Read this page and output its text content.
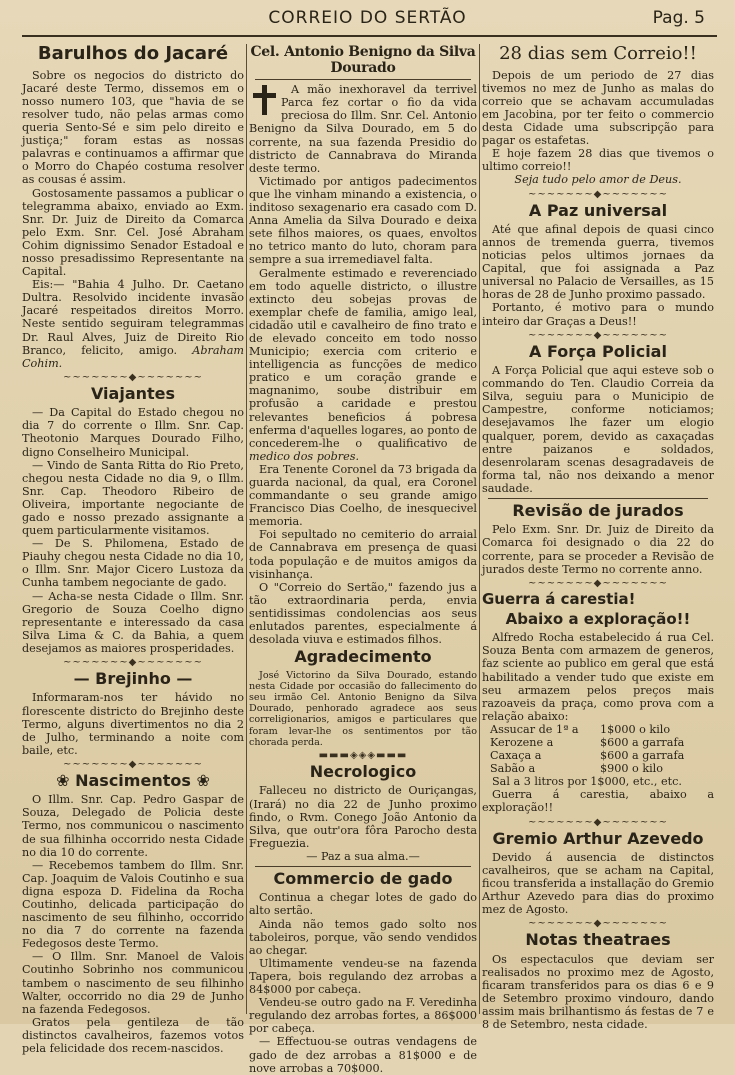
CORREIO DO SERTÃO	Pag. 5
Barulhos do Jacaré

Sobre os negocios do districto do Jacaré deste Termo, dissemos em o nosso numero 103, que "havia de se resolver tudo, não pelas armas como queria Sento-Sé e sim pelo direito e justiça;" foram estas as nossas palavras e continuamos a affirmar que o Morro do Chapéo costuma resolver as cousas é assim.

Gostosamente passamos a publicar o telegramma abaixo, enviado ao Exm. Snr. Dr. Juiz de Direito da Comarca pelo Exm. Snr. Cel. José Abraham Cohim dignissimo Senador Estadoal e nosso presadissimo Representante na Capital.

Eis:— "Bahia 4 Julho. Dr. Caetano Dultra. Resolvido incidente invasão Jacaré respeitados direitos Morro. Neste sentido seguiram telegrammas Dr. Raul Alves, Juiz de Direito Rio Branco, felicito, amigo. Abraham Cohim.

~~~~~~~◆~~~~~~~
Viajantes

— Da Capital do Estado chegou no dia 7 do corrente o Illm. Snr. Cap. Theotonio Marques Dourado Filho, digno Conselheiro Municipal.

— Vindo de Santa Ritta do Rio Preto, chegou nesta Cidade no dia 9, o Illm. Snr. Cap. Theodoro Ribeiro de Oliveira, importante negociante de gado e nosso prezado assignante a quem particularmente visitamos.

— De S. Philomena, Estado de Piauhy chegou nesta Cidade no dia 10, o Illm. Snr. Major Cicero Lustoza da Cunha tambem negociante de gado.

— Acha-se nesta Cidade o Illm. Snr. Gregorio de Souza Coelho digno representante e interessado da casa Silva Lima & C. da Bahia, a quem desejamos as maiores prosperidades.

~~~~~~~◆~~~~~~~
— Brejinho —

Informaram-nos ter hávido no florescente districto do Brejinho deste Termo, alguns divertimentos no dia 2 de Julho, terminando a noite com baile, etc.

~~~~~~~◆~~~~~~~
❀ Nascimentos ❀

O Illm. Snr. Cap. Pedro Gaspar de Souza, Delegado de Policia deste Termo, nos communicou o nascimento de sua filhinha occorrido nesta Cidade no dia 10 do corrente.

— Recebemos tambem do Illm. Snr. Cap. Joaquim de Valois Coutinho e sua digna espoza D. Fidelina da Rocha Coutinho, delicada participação do nascimento de seu filhinho, occorrido no dia 7 do corrente na fazenda Fedegosos deste Termo.

— O Illm. Snr. Manoel de Valois Coutinho Sobrinho nos communicou tambem o nascimento de seu filhinho Walter, occorrido no dia 29 de Junho na fazenda Fedegosos.

Gratos pela gentileza de tão distinctos cavalheiros, fazemos votos pela felicidade dos recem-nascidos.

Cel. Antonio Benigno da Silva Dourado

A mão inexhoravel da terrivel Parca fez cortar o fio da vida preciosa do Illm. Snr. Cel. Antonio Benigno da Silva Dourado, em 5 do corrente, na sua fazenda Presidio do districto de Cannabrava do Miranda deste termo.

Victimado por antigos padecimentos que lhe vinham minando a existencia, o inditoso sexagenario era casado com D. Anna Amelia da Silva Dourado e deixa sete filhos maiores, os quaes, envoltos no tetrico manto do luto, choram para sempre a sua irremediavel falta.

Geralmente estimado e reverenciado em todo aquelle districto, o illustre extincto deu sobejas provas de exemplar chefe de familia, amigo leal, cidadão util e cavalheiro de fino trato e de elevado conceito em todo nosso Municipio; exercia com criterio e intelligencia as funcções de medico pratico e um coração grande e magnanimo, soube distribuir em profusão a caridade e prestou relevantes beneficios á pobresa enferma d'aquelles logares, ao ponto de concederem-lhe o qualificativo de medico dos pobres.

Era Tenente Coronel da 73 brigada da guarda nacional, da qual, era Coronel commandante o seu grande amigo Francisco Dias Coelho, de inesquecivel memoria.

Foi sepultado no cemiterio do arraial de Cannabrava em presença de quasi toda população e de muitos amigos da visinhança.

O "Correio do Sertão," fazendo jus a tão extraordinaria perda, envia sentidissimas condolencias aos seus enlutados parentes, especialmente á desolada viuva e estimados filhos.

Agradecimento

José Victorino da Silva Dourado, estando nesta Cidade por occasião do fallecimento do seu irmão Cel. Antonio Benigno da Silva Dourado, penhorado agradece aos seus correligionarios, amigos e particulares que foram levar-lhe os sentimentos por tão chorada perda.

▬▬▬◈◈◈▬▬▬
Necrologico

Falleceu no districto de Ouriçangas, (Irará) no dia 22 de Junho proximo findo, o Rvm. Conego João Antonio da Silva, que outr'ora fôra Parocho desta Freguezia.

— Paz a sua alma.—

Commercio de gado

Continua a chegar lotes de gado do alto sertão.

Ainda não temos gado solto nos taboleiros, porque, vão sendo vendidos ao chegar.

Ultimamente vendeu-se na fazenda Tapera, bois regulando dez arrobas a 84$000 por cabeça.

Vendeu-se outro gado na F. Veredinha regulando dez arrobas fortes, a 86$000 por cabeça.

— Effectuou-se outras vendagens de gado de dez arrobas a 81$000 e de nove arrobas a 70$000.

28 dias sem Correio!!

Depois de um periodo de 27 dias tivemos no mez de Junho as malas do correio que se achavam accumuladas em Jacobina, por ter feito o commercio desta Cidade uma subscripção para pagar os estafetas.

E hoje fazem 28 dias que tivemos o ultimo correio!!

Seja tudo pelo amor de Deus.

~~~~~~~◆~~~~~~~
A Paz universal

Até que afinal depois de quasi cinco annos de tremenda guerra, tivemos noticias pelos ultimos jornaes da Capital, que foi assignada a Paz universal no Palacio de Versailles, as 15 horas de 28 de Junho proximo passado.

Portanto, é motivo para o mundo inteiro dar Graças a Deus!!

~~~~~~~◆~~~~~~~
A Força Policial

A Força Policial que aqui esteve sob o commando do Ten. Claudio Correia da Silva, seguiu para o Municipio de Campestre, conforme noticiamos; desejavamos lhe fazer um elogio qualquer, porem, devido as caxaçadas entre paizanos e soldados, desenrolaram scenas desagradaveis de forma tal, não nos deixando a menor saudade.

Revisão de jurados

Pelo Exm. Snr. Dr. Juiz de Direito da Comarca foi designado o dia 22 do corrente, para se proceder a Revisão de jurados deste Termo no corrente anno.

~~~~~~~◆~~~~~~~
Guerra á carestia!
Abaixo a exploração!!

Alfredo Rocha estabelecido á rua Cel. Souza Benta com armazem de generos, faz sciente ao publico em geral que está habilitado a vender tudo que existe em seu armazem pelos preços mais razoaveis da praça, como prova com a relação abaixo:

Assucar de 1ª a	1$000 o kilo
Kerozene a	$600 a garrafa
Caxaça a	$600 a garrafa
Sabão a	$900 o kilo

Sal a 3 litros por 1$000, etc., etc.

Guerra á carestia, abaixo a exploração!!

~~~~~~~◆~~~~~~~
Gremio Arthur Azevedo

Devido á ausencia de distinctos cavalheiros, que se acham na Capital, ficou transferida a installação do Gremio Arthur Azevedo para dias do proximo mez de Agosto.

~~~~~~~◆~~~~~~~
Notas theatraes

Os espectaculos que deviam ser realisados no proximo mez de Agosto, ficaram transferidos para os dias 6 e 9 de Setembro proximo vindouro, dando assim mais brilhantismo ás festas de 7 e 8 de Setembro, nesta cidade.
